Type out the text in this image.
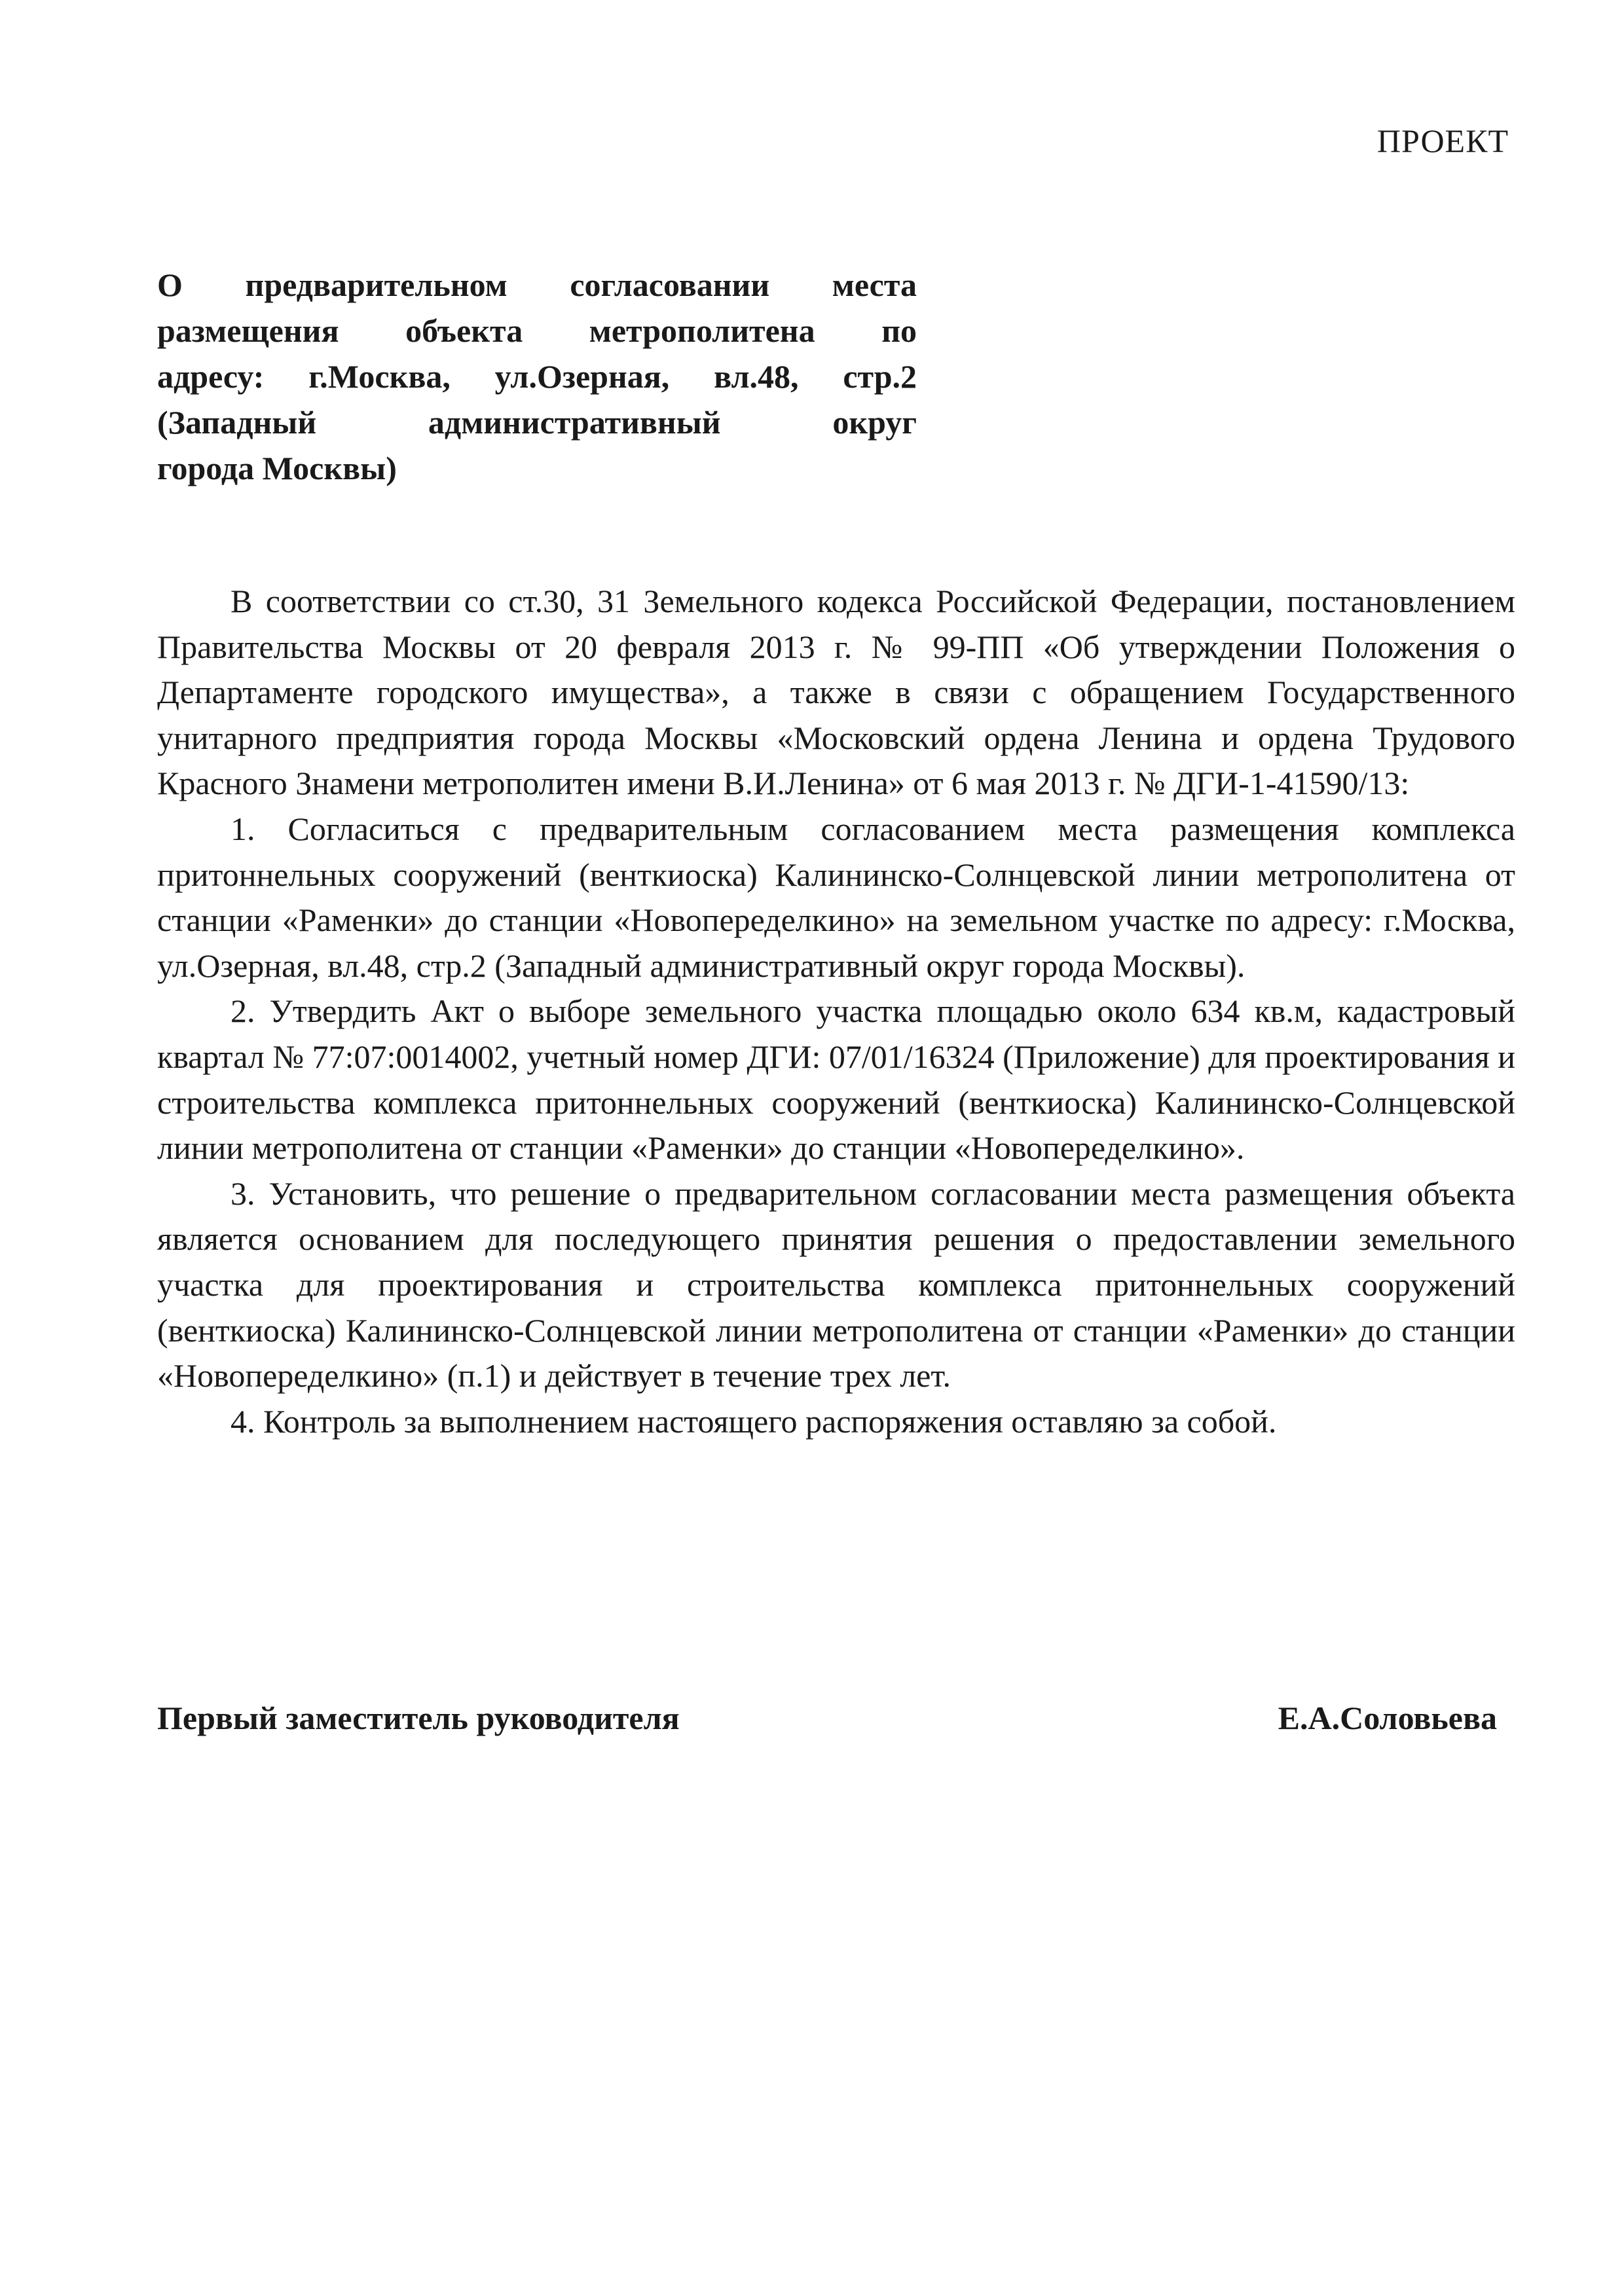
ПРОЕКТ
О предварительном согласовании места
размещения объекта метрополитена по
адресу: г.Москва, ул.Озерная, вл.48, стр.2
(Западный административный округ
города Москвы)

В соответствии со ст.30, 31 Земельного кодекса Российской Федерации, постановлением Правительства Москвы от 20 февраля 2013 г. № 99-ПП «Об утверждении Положения о Департаменте городского имущества», а также в связи с обращением Государственного унитарного предприятия города Москвы «Московский ордена Ленина и ордена Трудового Красного Знамени метрополитен имени В.И.Ленина» от 6 мая 2013 г. № ДГИ-1-41590/13:

1. Согласиться с предварительным согласованием места размещения комплекса притоннельных сооружений (венткиоска) Калининско-Солнцевской линии метрополитена от станции «Раменки» до станции «Новопеределкино» на земельном участке по адресу: г.Москва, ул.Озерная, вл.48, стр.2 (Западный административный округ города Москвы).

2. Утвердить Акт о выборе земельного участка площадью около 634 кв.м, кадастровый квартал № 77:07:0014002, учетный номер ДГИ: 07/01/16324 (Приложение) для проектирования и строительства комплекса притоннельных сооружений (венткиоска) Калининско-Солнцевской линии метрополитена от станции «Раменки» до станции «Новопеределкино».

3. Установить, что решение о предварительном согласовании места размещения объекта является основанием для последующего принятия решения о предоставлении земельного участка для проектирования и строительства комплекса притоннельных сооружений (венткиоска) Калининско-Солнцевской линии метрополитена от станции «Раменки» до станции «Новопеределкино» (п.1) и действует в течение трех лет.

4. Контроль за выполнением настоящего распоряжения оставляю за собой.

Первый заместитель руководителя	Е.А.Соловьева
